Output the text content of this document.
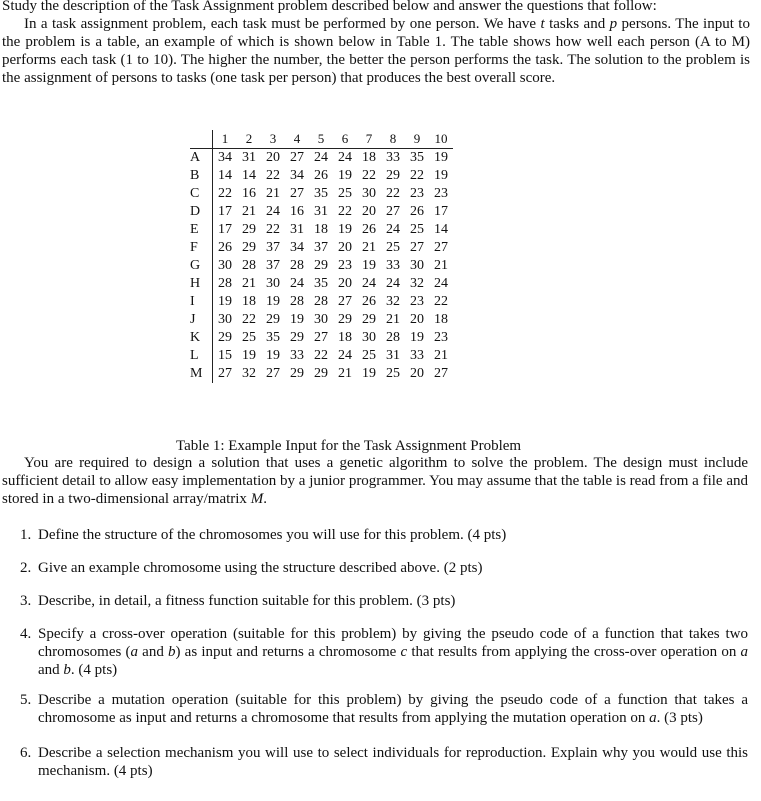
Study the description of the Task Assignment problem described below and answer the questions that follow:

In a task assignment problem, each task must be performed by one person. We have t tasks and p persons. The input to the problem is a table, an example of which is shown below in Table 1. The table shows how well each person (A to M) performs each task (1 to 10). The higher the number, the better the person performs the task. The solution to the problem is the assignment of persons to tasks (one task per person) that produces the best overall score.

	1	2	3	4	5	6	7	8	9	10
A	34	31	20	27	24	24	18	33	35	19
B	14	14	22	34	26	19	22	29	22	19
C	22	16	21	27	35	25	30	22	23	23
D	17	21	24	16	31	22	20	27	26	17
E	17	29	22	31	18	19	26	24	25	14
F	26	29	37	34	37	20	21	25	27	27
G	30	28	37	28	29	23	19	33	30	21
H	28	21	30	24	35	20	24	24	32	24
I	19	18	19	28	28	27	26	32	23	22
J	30	22	29	19	30	29	29	21	20	18
K	29	25	35	29	27	18	30	28	19	23
L	15	19	19	33	22	24	25	31	33	21
M	27	32	27	29	29	21	19	25	20	27
Table 1: Example Input for the Task Assignment Problem

You are required to design a solution that uses a genetic algorithm to solve the problem. The design must include sufficient detail to allow easy implementation by a junior programmer. You may assume that the table is read from a file and stored in a two-dimensional array/matrix M.

1. Define the structure of the chromosomes you will use for this problem. (4 pts)
2. Give an example chromosome using the structure described above. (2 pts)
3. Describe, in detail, a fitness function suitable for this problem. (3 pts)
4. Specify a cross-over operation (suitable for this problem) by giving the pseudo code of a function that takes two chromosomes (a and b) as input and returns a chromosome c that results from applying the cross-over operation on a and b. (4 pts)
5. Describe a mutation operation (suitable for this problem) by giving the pseudo code of a function that takes a chromosome as input and returns a chromosome that results from applying the mutation operation on a. (3 pts)
6. Describe a selection mechanism you will use to select individuals for reproduction. Explain why you would use this mechanism. (4 pts)
